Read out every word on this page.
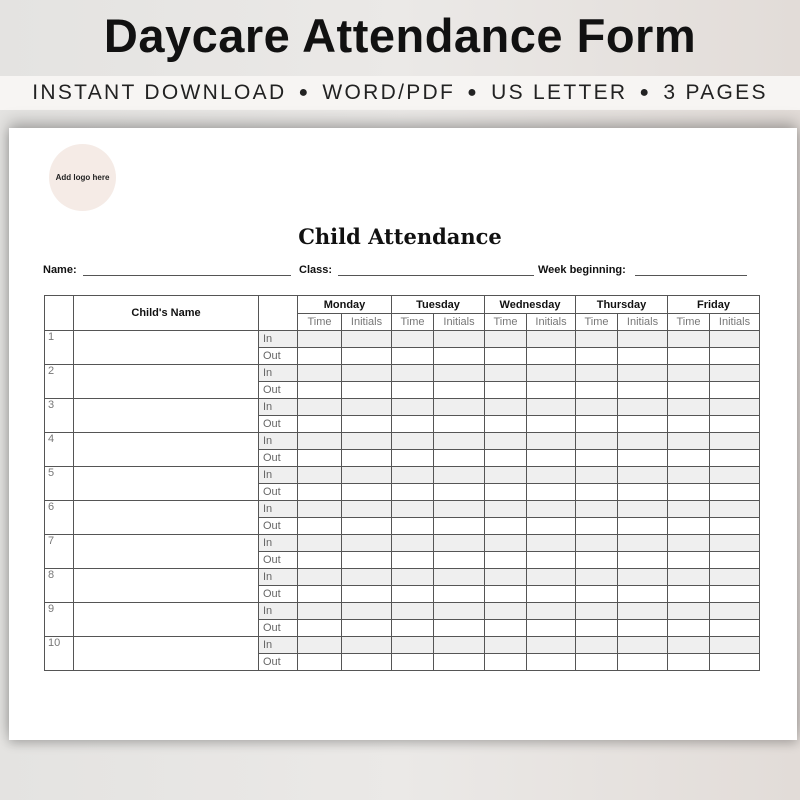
Daycare Attendance Form
INSTANT DOWNLOAD ● WORD/PDF ● US LETTER ● 3 PAGES
Add logo here
Child Attendance
Name:	Class:	Week beginning:
	Child's Name		Monday		Tuesday		Wednesday		Thursday		Friday	
			Time	Initials	Time	Initials	Time	Initials	Time	Initials	Time	Initials
1		In										
		Out										
2		In										
		Out										
3		In										
		Out										
4		In										
		Out										
5		In										
		Out										
6		In										
		Out										
7		In										
		Out										
8		In										
		Out										
9		In										
		Out										
10		In										
		Out										
